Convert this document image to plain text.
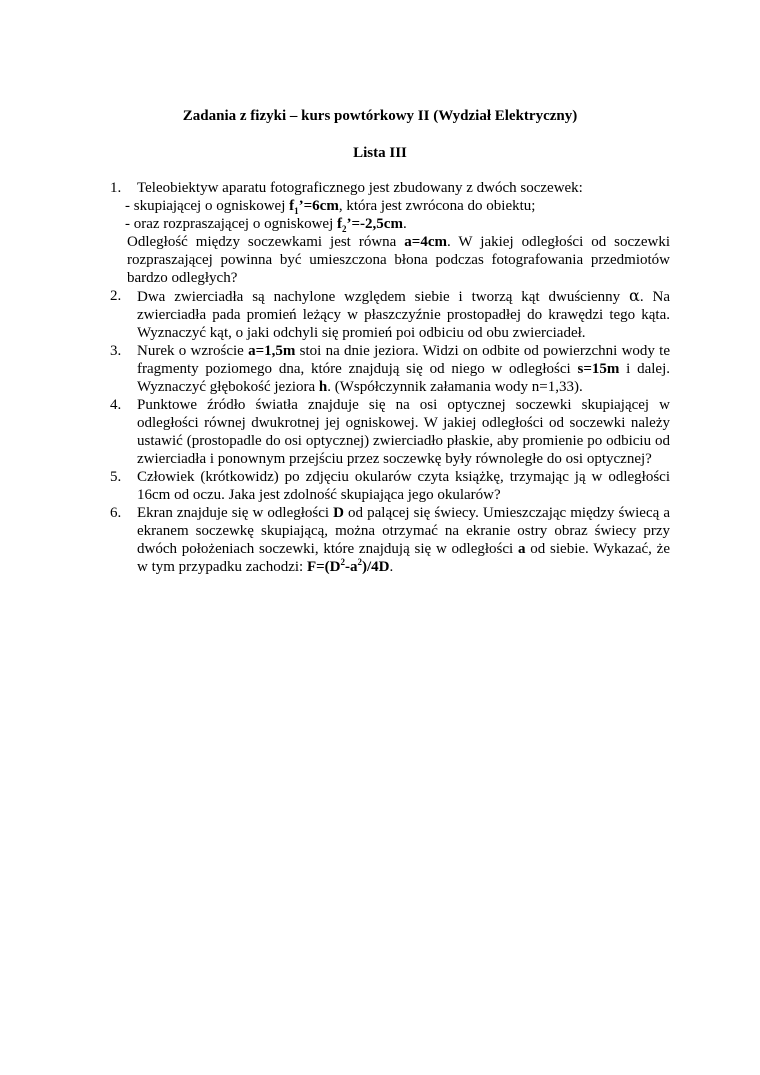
Zadania z fizyki – kurs powtórkowy II (Wydział Elektryczny)
Lista III
1.	Teleobiektyw aparatu fotograficznego jest zbudowany z dwóch soczewek:
- skupiającej o ogniskowej $f_1’=6cm$, która jest zwrócona do obiektu;
- oraz rozpraszającej o ogniskowej $f_2’=-2,5cm$.

Odległość między soczewkami jest równa a=4cm. W jakiej odległości od soczewki rozpraszającej powinna być umieszczona błona podczas fotografowania przedmiotów bardzo odległych?

2.	Dwa zwierciadła są nachylone względem siebie i tworzą kąt dwuścienny α. Na zwierciadła pada promień leżący w płaszczyźnie prostopadłej do krawędzi tego kąta. Wyznaczyć kąt, o jaki odchyli się promień poi odbiciu od obu zwierciadeł.

3.	Nurek o wzroście a=1,5m stoi na dnie jeziora. Widzi on odbite od powierzchni wody te fragmenty poziomego dna, które znajdują się od niego w odległości s=15m i dalej. Wyznaczyć głębokość jeziora h. (Współczynnik załamania wody n=1,33).

4.	Punktowe źródło światła znajduje się na osi optycznej soczewki skupiającej w odległości równej dwukrotnej jej ogniskowej. W jakiej odległości od soczewki należy ustawić (prostopadle do osi optycznej) zwierciadło płaskie, aby promienie po odbiciu od zwierciadła i ponownym przejściu przez soczewkę były równoległe do osi optycznej?

5.	Człowiek (krótkowidz) po zdjęciu okularów czyta książkę, trzymając ją w odległości 16cm od oczu. Jaka jest zdolność skupiająca jego okularów?

6.	Ekran znajduje się w odległości D od palącej się świecy. Umieszczając między świecą a ekranem soczewkę skupiającą, można otrzymać na ekranie ostry obraz świecy przy dwóch położeniach soczewki, które znajdują się w odległości a od siebie. Wykazać, że w tym przypadku zachodzi: $F=(D^2-a^2)/4D$.
